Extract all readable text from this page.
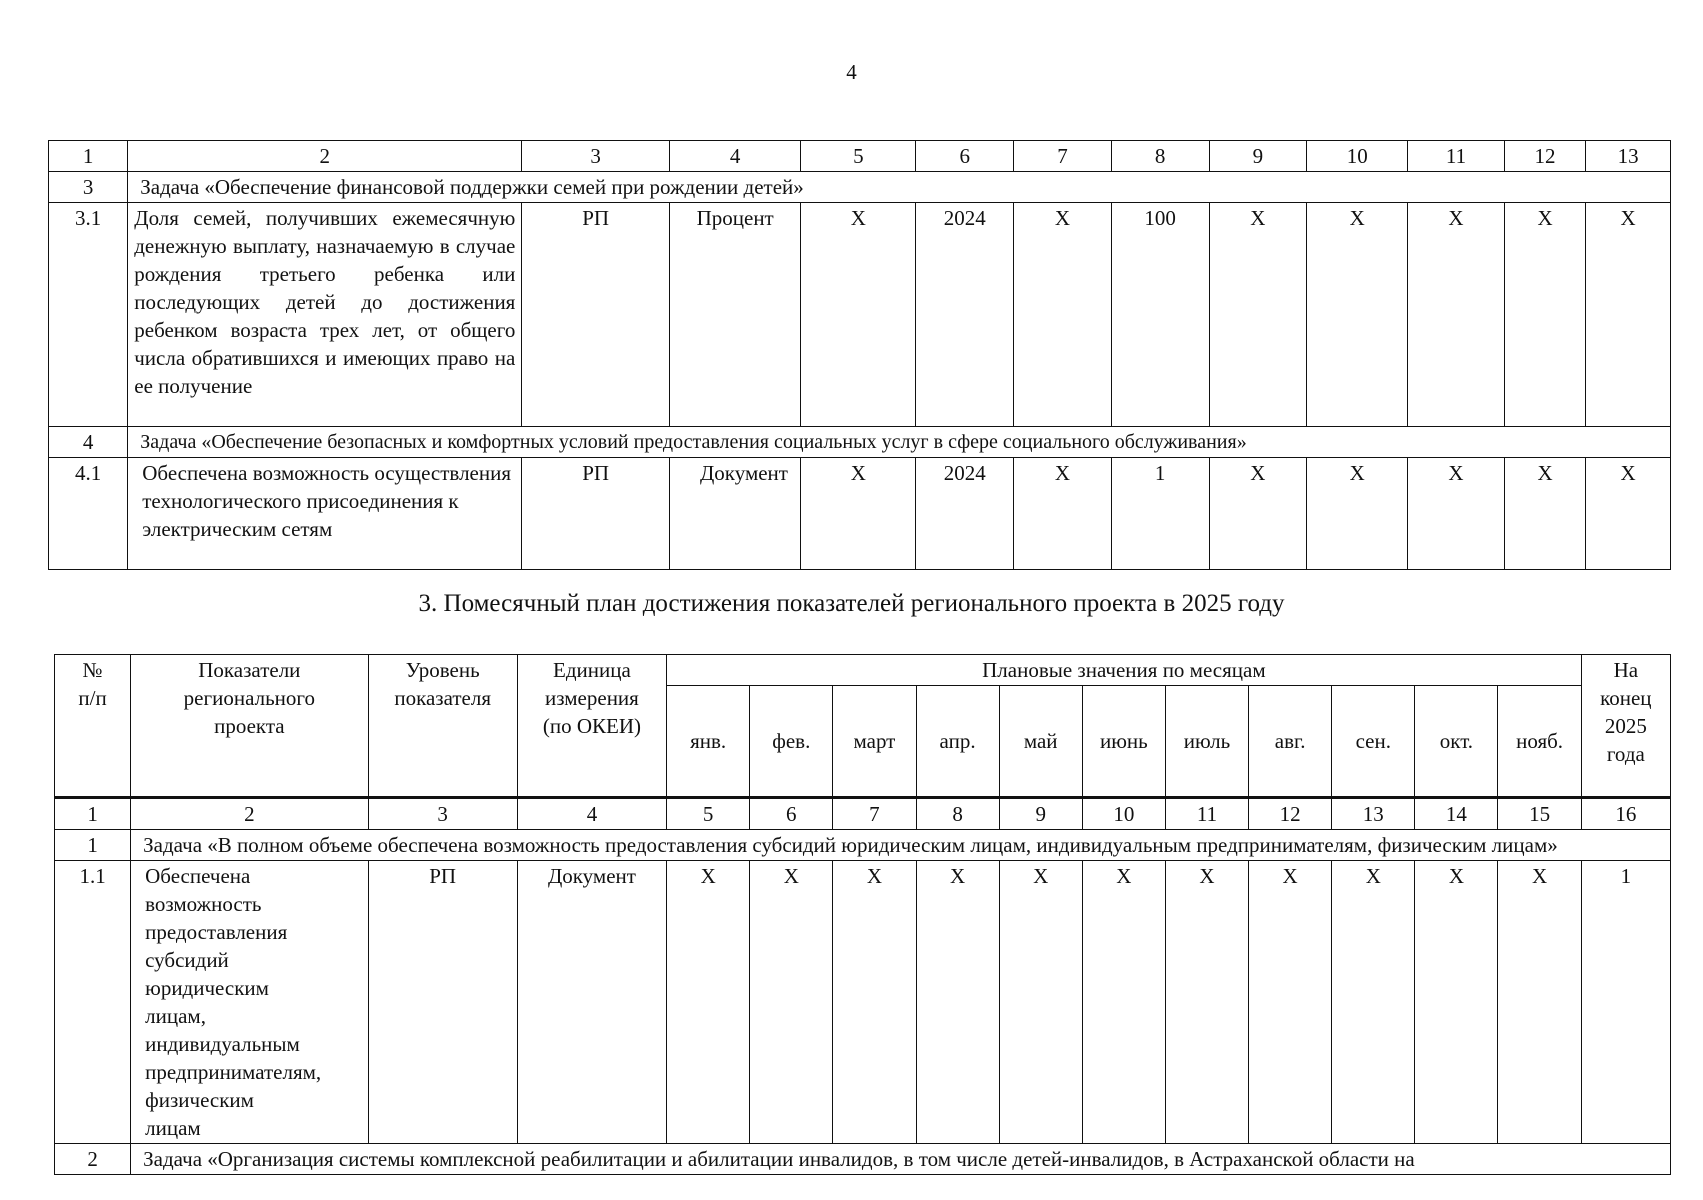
4
1	2	3	4	5	6	7	8	9	10	11	12	13
3	Задача «Обеспечение финансовой поддержки семей при рождении детей»											
3.1	Доля семей, получивших ежемесячную денежную выплату, назначаемую в случае рождения третьего ребенка или последующих детей до достижения ребенком возраста трех лет, от общего числа обратившихся и имеющих право на ее получение	РП	Процент	X	2024	X	100	X	X	X	X	X
4	Задача «Обеспечение безопасных и комфортных условий предоставления социальных услуг в сфере социального обслуживания»											
4.1	Обеспечена возможность осуществления технологического присоединения к электрическим сетям	РП	Документ	X	2024	X	1	X	X	X	X	X
3. Помесячный план достижения показателей регионального проекта в 2025 году
№ п/п	Показатели регионального проекта	Уровень показателя	Единица измерения (по ОКЕИ)	Плановые значения по месяцам											На конец 2025 года
				янв.	фев.	март	апр.	май	июнь	июль	авг.	сен.	окт.	нояб.	
1	2	3	4	5	6	7	8	9	10	11	12	13	14	15	16
1	Задача «В полном объеме обеспечена возможность предоставления субсидий юридическим лицам, индивидуальным предпринимателям, физическим лицам»														
1.1	Обеспечена возможность предоставления субсидий юридическим лицам, индивидуальным предпринимателям, физическим лицам	РП	Документ	X	X	X	X	X	X	X	X	X	X	X	1
2	Задача «Организация системы комплексной реабилитации и абилитации инвалидов, в том числе детей-инвалидов, в Астраханской области на														
